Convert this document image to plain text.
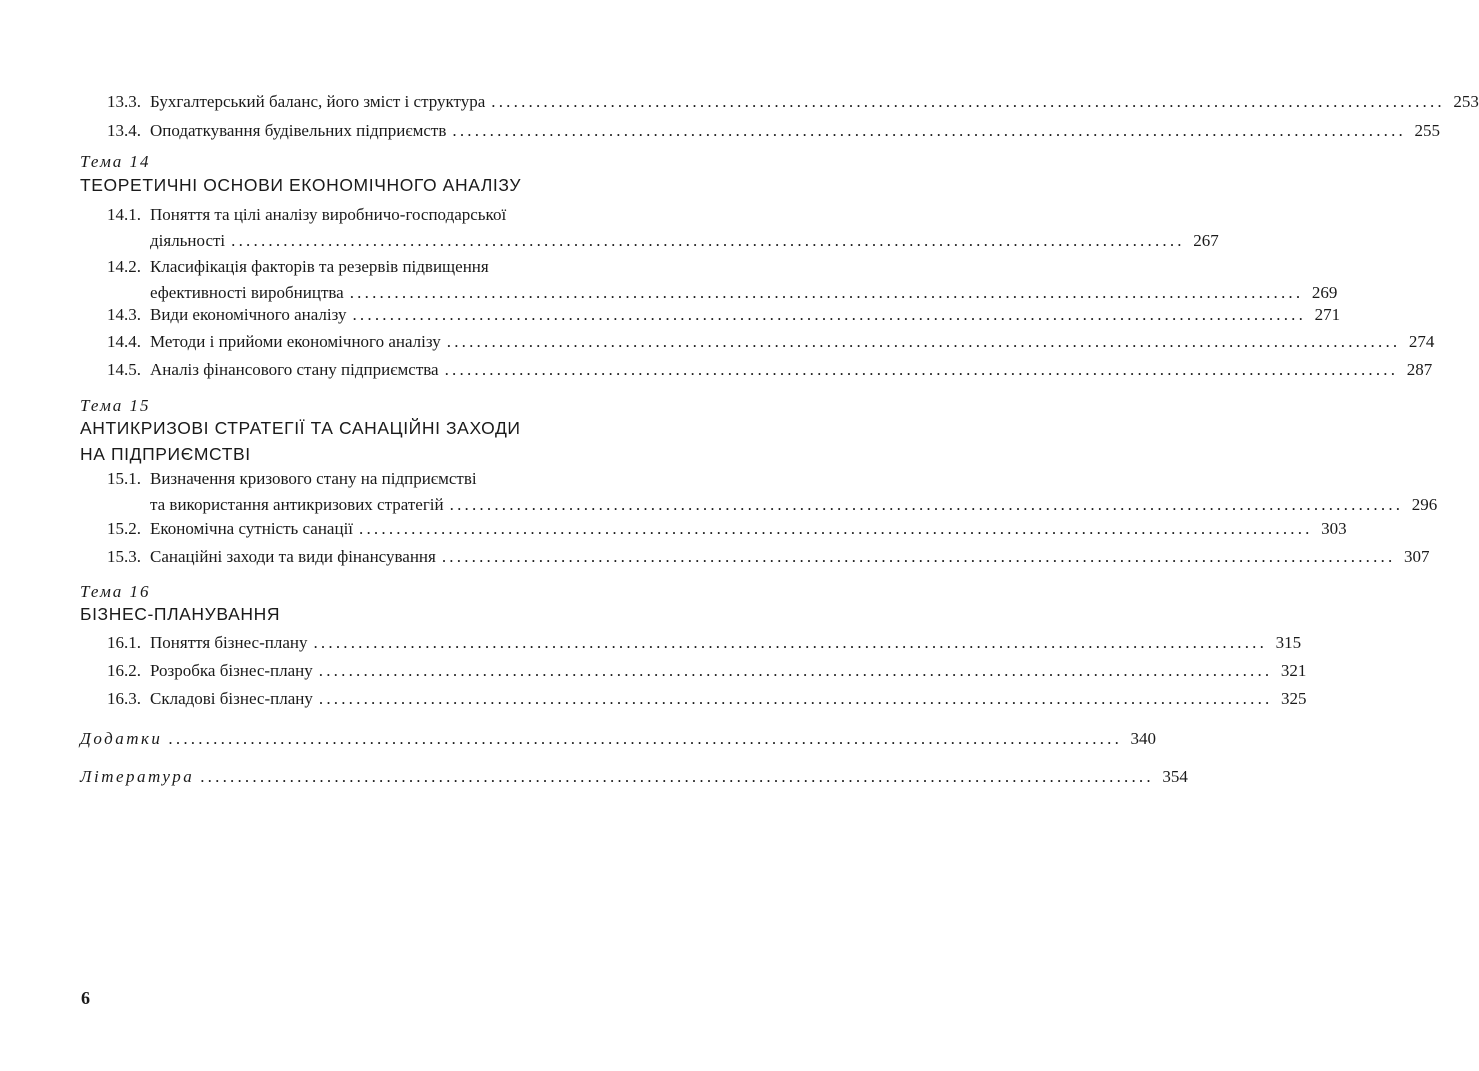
13.3. Бухгалтерський баланс, його зміст і структура ................................................................................................................................ 253
13.4. Оподаткування будівельних підприємств ................................................................................................................................ 255
Тема 14
ТЕОРЕТИЧНІ ОСНОВИ ЕКОНОМІЧНОГО АНАЛІЗУ
14.1. Поняття та цілі аналізу виробничо-господарської
діяльності ................................................................................................................................ 267
14.2. Класифікація факторів та резервів підвищення
ефективності виробництва ................................................................................................................................ 269
14.3. Види економічного аналізу ................................................................................................................................ 271
14.4. Методи і прийоми економічного аналізу ................................................................................................................................ 274
14.5. Аналіз фінансового стану підприємства ................................................................................................................................ 287
Тема 15
АНТИКРИЗОВІ СТРАТЕГІЇ ТА САНАЦІЙНІ ЗАХОДИ
НА ПІДПРИЄМСТВІ
15.1. Визначення кризового стану на підприємстві
та використання антикризових стратегій ................................................................................................................................ 296
15.2. Економічна сутність санації ................................................................................................................................ 303
15.3. Санаційні заходи та види фінансування ................................................................................................................................ 307
Тема 16
БІЗНЕС-ПЛАНУВАННЯ
16.1. Поняття бізнес-плану ................................................................................................................................ 315
16.2. Розробка бізнес-плану ................................................................................................................................ 321
16.3. Складові бізнес-плану ................................................................................................................................ 325
Додатки ................................................................................................................................ 340
Література ................................................................................................................................ 354
6
